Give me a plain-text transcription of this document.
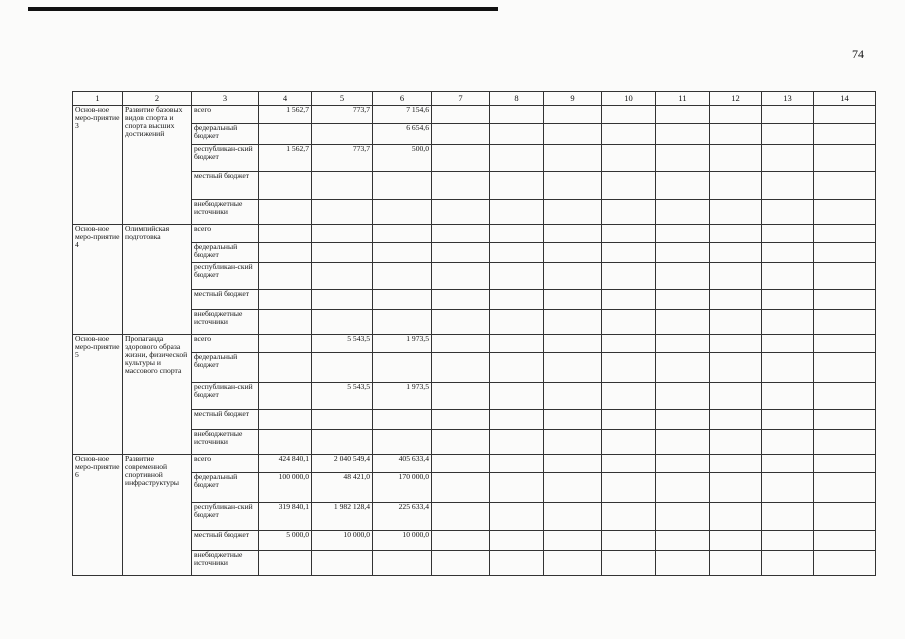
74
1	2	3	4	5	6	7	8	9	10	11	12	13	14
Основ-ное меро-приятие 3	Развитие базовых видов спорта и спорта высших достижений	всего	1 562,7	773,7	7 154,6								
		федеральный бюджет			6 654,6								
		республикан-ский бюджет	1 562,7	773,7	500,0								
		местный бюджет											
		внебюджетные источники											
Основ-ное меро-приятие 4	Олимпийская подготовка	всего											
		федеральный бюджет											
		республикан-ский бюджет											
		местный бюджет											
		внебюджетные источники											
Основ-ное меро-приятие 5	Пропаганда здорового образа жизни, физической культуры и массового спорта	всего		5 543,5	1 973,5								
		федеральный бюджет											
		республикан-ский бюджет		5 543,5	1 973,5								
		местный бюджет											
		внебюджетные источники											
Основ-ное меро-приятие 6	Развитие современной спортивной инфраструктуры	всего	424 840,1	2 040 549,4	405 633,4								
		федеральный бюджет	100 000,0	48 421,0	170 000,0								
		республикан-ский бюджет	319 840,1	1 982 128,4	225 633,4								
		местный бюджет	5 000,0	10 000,0	10 000,0								
		внебюджетные источники											
